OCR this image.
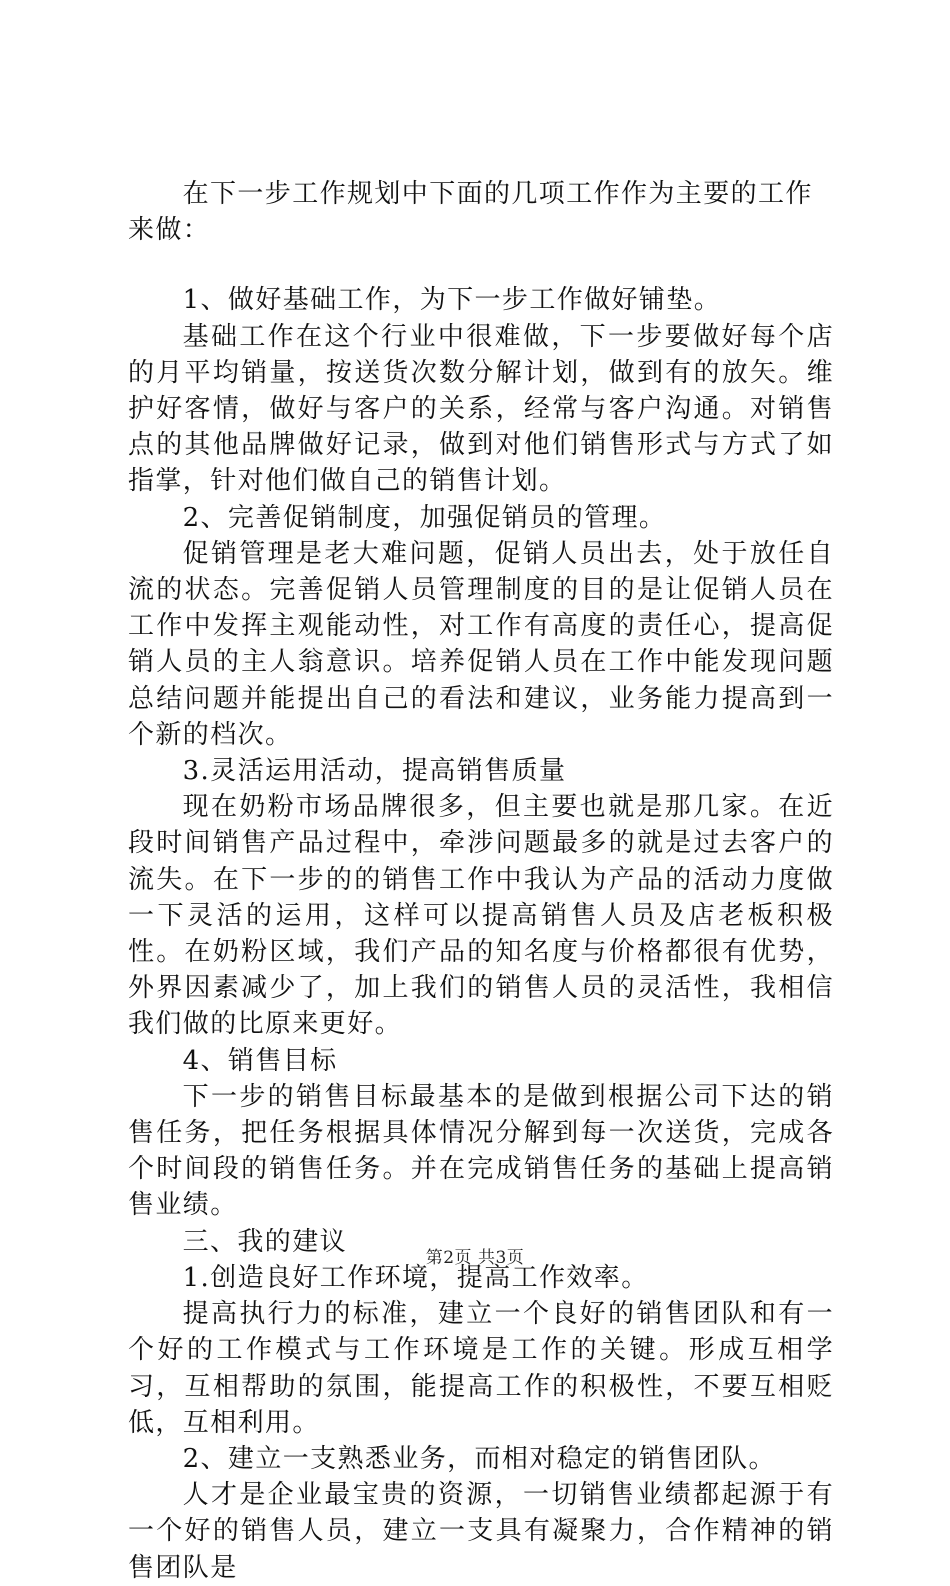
在下一步工作规划中下面的几项工作作为主要的工作来做：

1、做好基础工作，为下一步工作做好铺垫。

基础工作在这个行业中很难做，下一步要做好每个店的月平均销量，按送货次数分解计划，做到有的放矢。维护好客情，做好与客户的关系，经常与客户沟通。对销售点的其他品牌做好记录，做到对他们销售形式与方式了如指掌，针对他们做自己的销售计划。

2、完善促销制度，加强促销员的管理。

促销管理是老大难问题，促销人员出去，处于放任自流的状态。完善促销人员管理制度的目的是让促销人员在工作中发挥主观能动性，对工作有高度的责任心，提高促销人员的主人翁意识。培养促销人员在工作中能发现问题总结问题并能提出自己的看法和建议，业务能力提高到一个新的档次。

3.灵活运用活动，提高销售质量

现在奶粉市场品牌很多，但主要也就是那几家。在近段时间销售产品过程中，牵涉问题最多的就是过去客户的流失。在下一步的的销售工作中我认为产品的活动力度做一下灵活的运用，这样可以提高销售人员及店老板积极性。在奶粉区域，我们产品的知名度与价格都很有优势，外界因素减少了，加上我们的销售人员的灵活性，我相信我们做的比原来更好。

4、销售目标

下一步的销售目标最基本的是做到根据公司下达的销售任务，把任务根据具体情况分解到每一次送货，完成各个时间段的销售任务。并在完成销售任务的基础上提高销售业绩。

三、我的建议

1.创造良好工作环境，提高工作效率。

提高执行力的标准，建立一个良好的销售团队和有一个好的工作模式与工作环境是工作的关键。形成互相学习，互相帮助的氛围，能提高工作的积极性，不要互相贬低，互相利用。

2、建立一支熟悉业务，而相对稳定的销售团队。

人才是企业最宝贵的资源，一切销售业绩都起源于有一个好的销售人员，建立一支具有凝聚力，合作精神的销售团队是

第2页 共3页
